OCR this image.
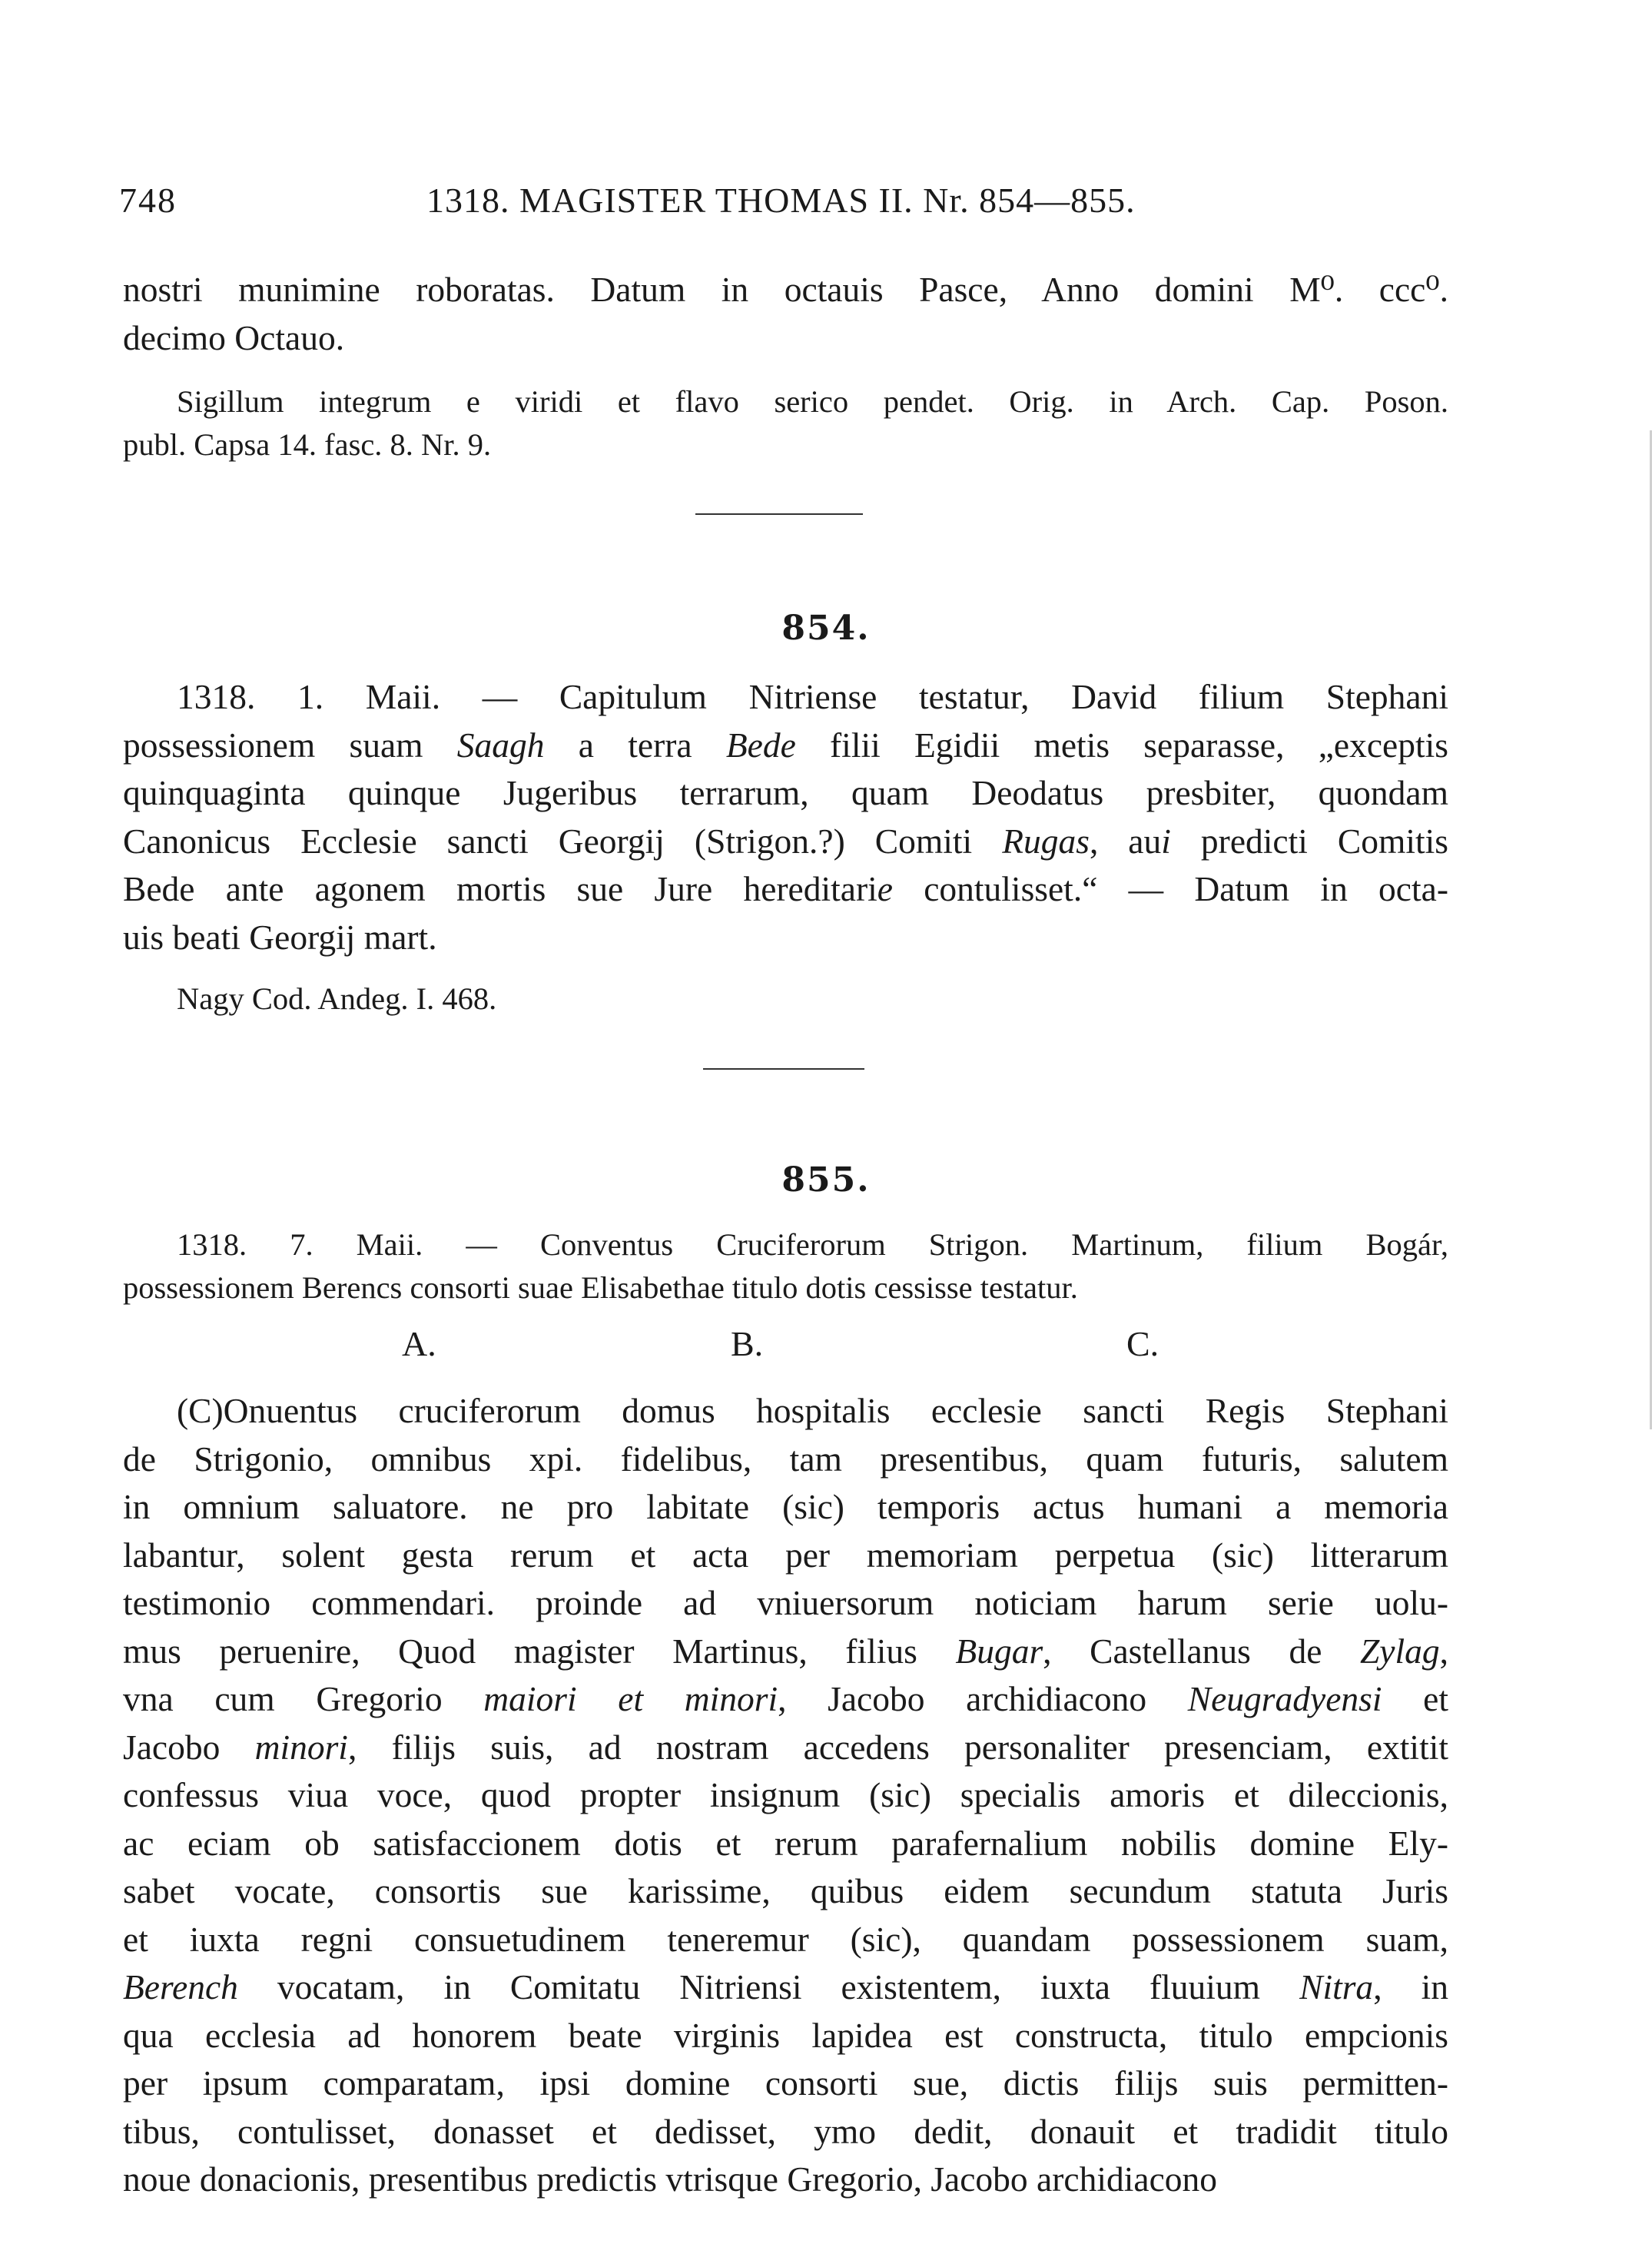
748	1318. MAGISTER THOMAS II. Nr. 854—855.
nostri munimine roboratas. Datum in octauis Pasce, Anno domini M⁰. ccc⁰.
decimo Octauo.
Sigillum integrum e viridi et flavo serico pendet. Orig. in Arch. Cap. Poson.
publ. Capsa 14. fasc. 8. Nr. 9.
854.
1318. 1. Maii. — Capitulum Nitriense testatur, David filium Stephani
possessionem suam Saagh a terra Bede filii Egidii metis separasse, „exceptis
quinquaginta quinque Jugeribus terrarum, quam Deodatus presbiter, quondam
Canonicus Ecclesie sancti Georgij (Strigon.?) Comiti Rugas, aui predicti Comitis
Bede ante agonem mortis sue Jure hereditarie contulisset.“ — Datum in octa-
uis beati Georgij mart.
Nagy Cod. Andeg. I. 468.
855.
1318. 7. Maii. — Conventus Cruciferorum Strigon. Martinum, filium Bogár,
possessionem Berencs consorti suae Elisabethae titulo dotis cessisse testatur.
A.	B.	C.
(C)Onuentus cruciferorum domus hospitalis ecclesie sancti Regis Stephani
de Strigonio, omnibus xpi. fidelibus, tam presentibus, quam futuris, salutem
in omnium saluatore. ne pro labitate (sic) temporis actus humani a memoria
labantur, solent gesta rerum et acta per memoriam perpetua (sic) litterarum
testimonio commendari. proinde ad vniuersorum noticiam harum serie uolu-
mus peruenire, Quod magister Martinus, filius Bugar, Castellanus de Zylag,
vna cum Gregorio maiori et minori, Jacobo archidiacono Neugradyensi et
Jacobo minori, filijs suis, ad nostram accedens personaliter presenciam, extitit
confessus viua voce, quod propter insignum (sic) specialis amoris et dileccionis,
ac eciam ob satisfaccionem dotis et rerum parafernalium nobilis domine Ely-
sabet vocate, consortis sue karissime, quibus eidem secundum statuta Juris
et iuxta regni consuetudinem teneremur (sic), quandam possessionem suam,
Berench vocatam, in Comitatu Nitriensi existentem, iuxta fluuium Nitra, in
qua ecclesia ad honorem beate virginis lapidea est constructa, titulo empcionis
per ipsum comparatam, ipsi domine consorti sue, dictis filijs suis permitten-
tibus, contulisset, donasset et dedisset, ymo dedit, donauit et tradidit titulo
noue donacionis, presentibus predictis vtrisque Gregorio, Jacobo archidiacono
